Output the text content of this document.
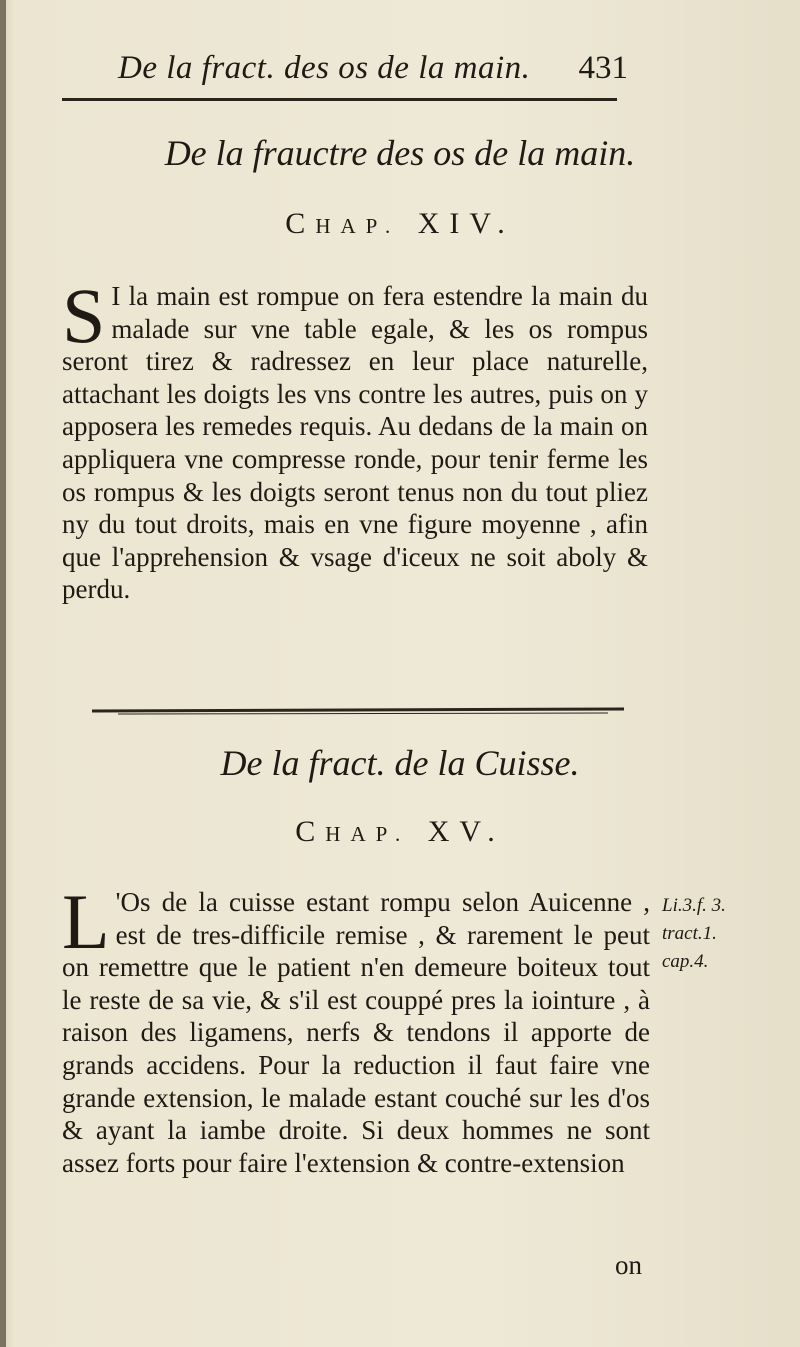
De la fract. des os de la main. 431
De la frauctre des os de la main.
CHAP. XIV.
S I la main est rompue on fera estendre la main du malade sur vne table egale, & les os rompus seront tirez & radressez en leur place naturelle, attachant les doigts les vns contre les autres, puis on y apposera les remedes requis. Au dedans de la main on appliquera vne compresse ronde, pour tenir ferme les os rompus & les doigts seront tenus non du tout pliez ny du tout droits, mais en vne figure moyenne , afin que l'apprehension & vsage d'iceux ne soit aboly & perdu.
De la fract. de la Cuisse.
CHAP. XV.
L 'Os de la cuisse estant rompu selon Auicenne , est de tres-difficile remise , & rarement le peut on remettre que le patient n'en demeure boiteux tout le reste de sa vie, & s'il est couppé pres la iointure , à raison des ligamens, nerfs & tendons il apporte de grands accidens. Pour la reduction il faut faire vne grande extension, le malade estant couché sur les d'os & ayant la iambe droite. Si deux hommes ne sont assez forts pour faire l'extension & contre-extension
Li.3.f. 3.
tract.1.
cap.4.
on
